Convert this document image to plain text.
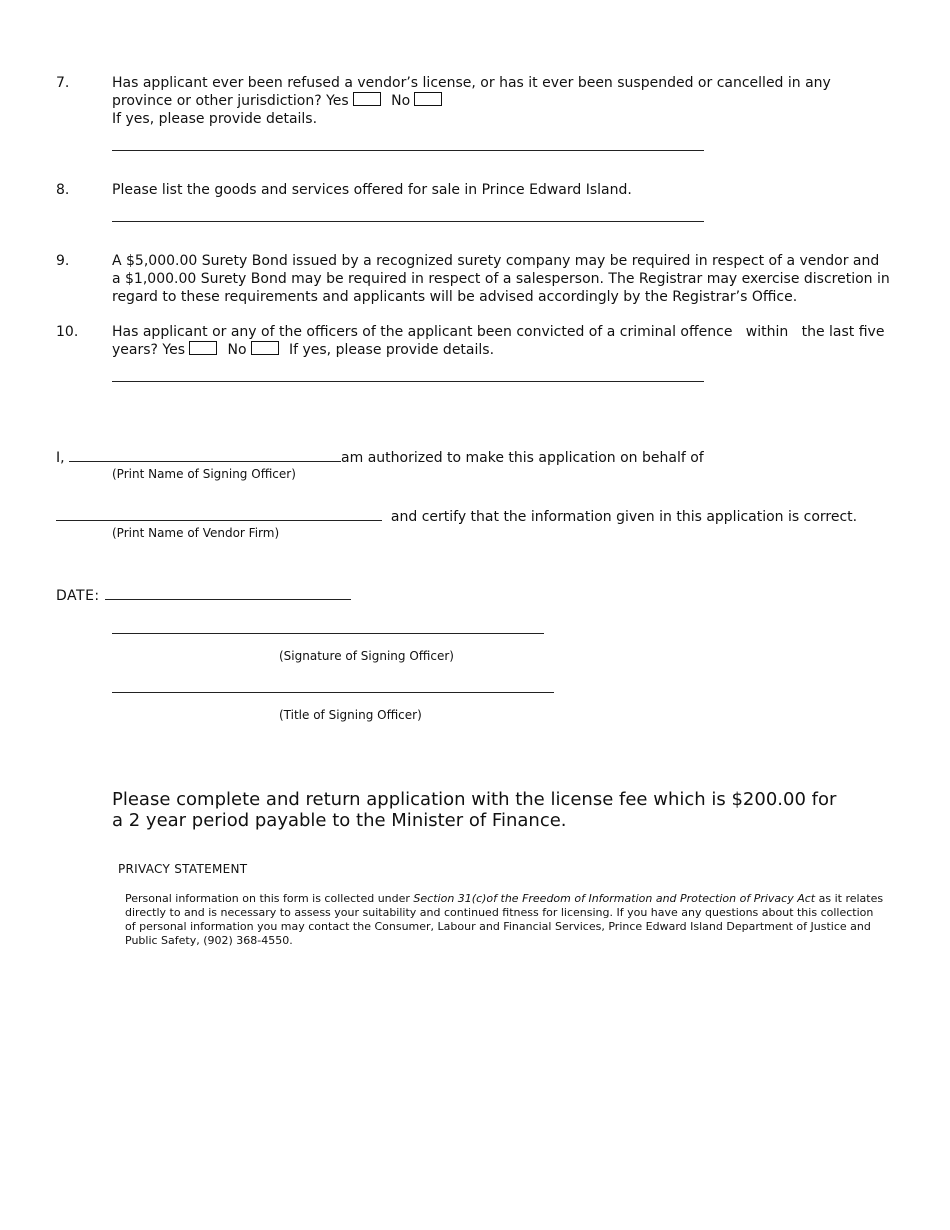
7.	Has applicant ever been refused a vendor’s license, or has it ever been suspended or cancelled in any province or other jurisdiction? Yes	No
If yes, please provide details.
8.	Please list the goods and services offered for sale in Prince Edward Island.
9.	A $5,000.00 Surety Bond issued by a recognized surety company may be required in respect of a vendor and a $1,000.00 Surety Bond may be required in respect of a salesperson. The Registrar may exercise discretion in regard to these requirements and applicants will be advised accordingly by the Registrar’s Office.
10.	Has applicant or any of the officers of the applicant been convicted of a criminal offence   within   the last five years? Yes	No	If yes, please provide details.
I,	am authorized to make this application on behalf of
(Print Name of Signing Officer)
and certify that the information given in this application is correct.
(Print Name of Vendor Firm)
DATE:
(Signature of Signing Officer)
(Title of Signing Officer)
Please complete and return application with the license fee which is $200.00 for a 2 year period payable to the Minister of Finance.
PRIVACY STATEMENT
Personal information on this form is collected under Section 31(c)of the Freedom of Information and Protection of Privacy Act as it relates directly to and is necessary to assess your suitability and continued fitness for licensing. If you have any questions about this collection of personal information you may contact the Consumer, Labour and Financial Services, Prince Edward Island Department of Justice and Public Safety, (902) 368-4550.
